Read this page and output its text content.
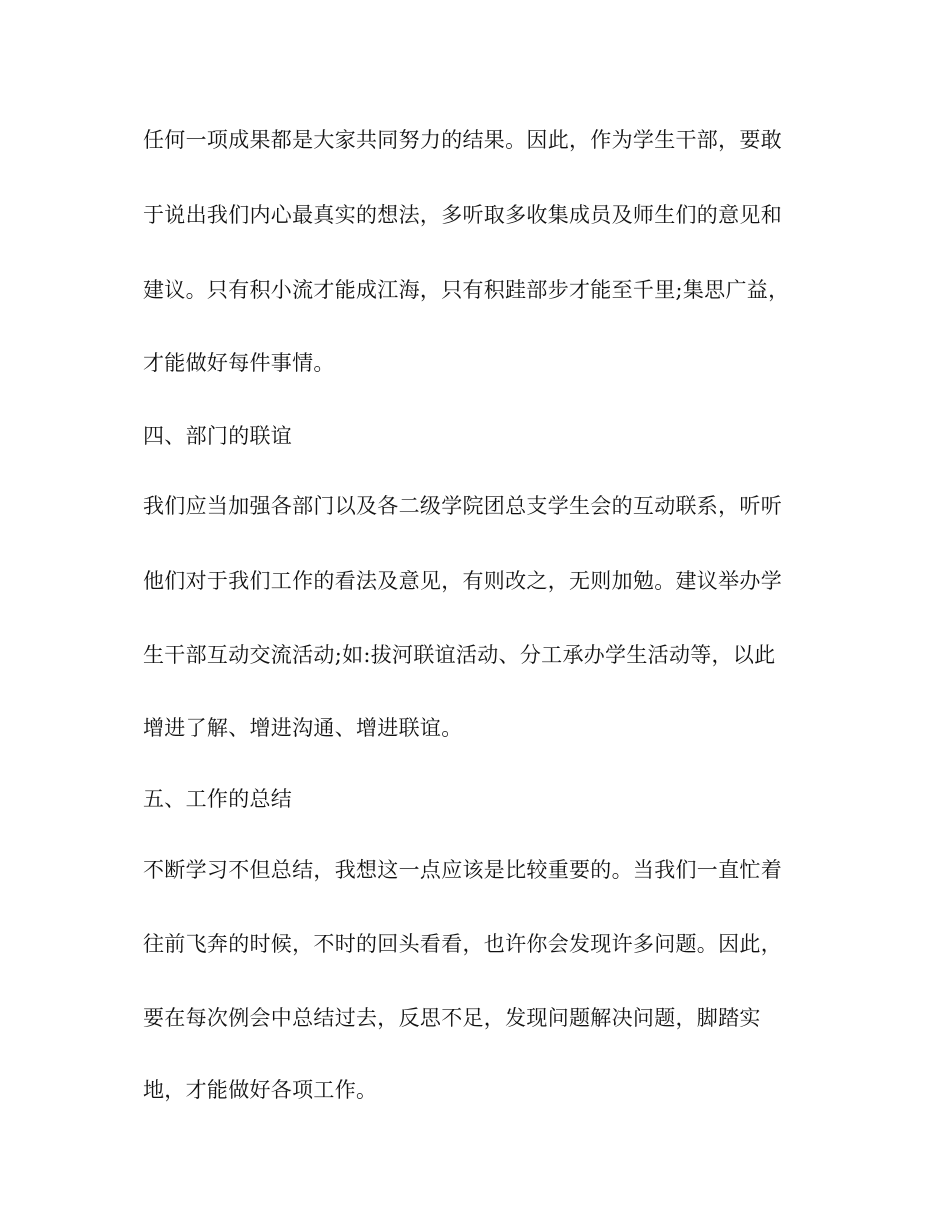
任何一项成果都是大家共同努力的结果。因此，作为学生干部，要敢
于说出我们内心最真实的想法，多听取多收集成员及师生们的意见和
建议。只有积小流才能成江海，只有积跬部步才能至千里;集思广益，
才能做好每件事情。
四、部门的联谊
我们应当加强各部门以及各二级学院团总支学生会的互动联系，听听
他们对于我们工作的看法及意见，有则改之，无则加勉。建议举办学
生干部互动交流活动;如:拔河联谊活动、分工承办学生活动等，以此
增进了解、增进沟通、增进联谊。
五、工作的总结
不断学习不但总结，我想这一点应该是比较重要的。当我们一直忙着
往前飞奔的时候，不时的回头看看，也许你会发现许多问题。因此，
要在每次例会中总结过去，反思不足，发现问题解决问题，脚踏实
地，才能做好各项工作。
